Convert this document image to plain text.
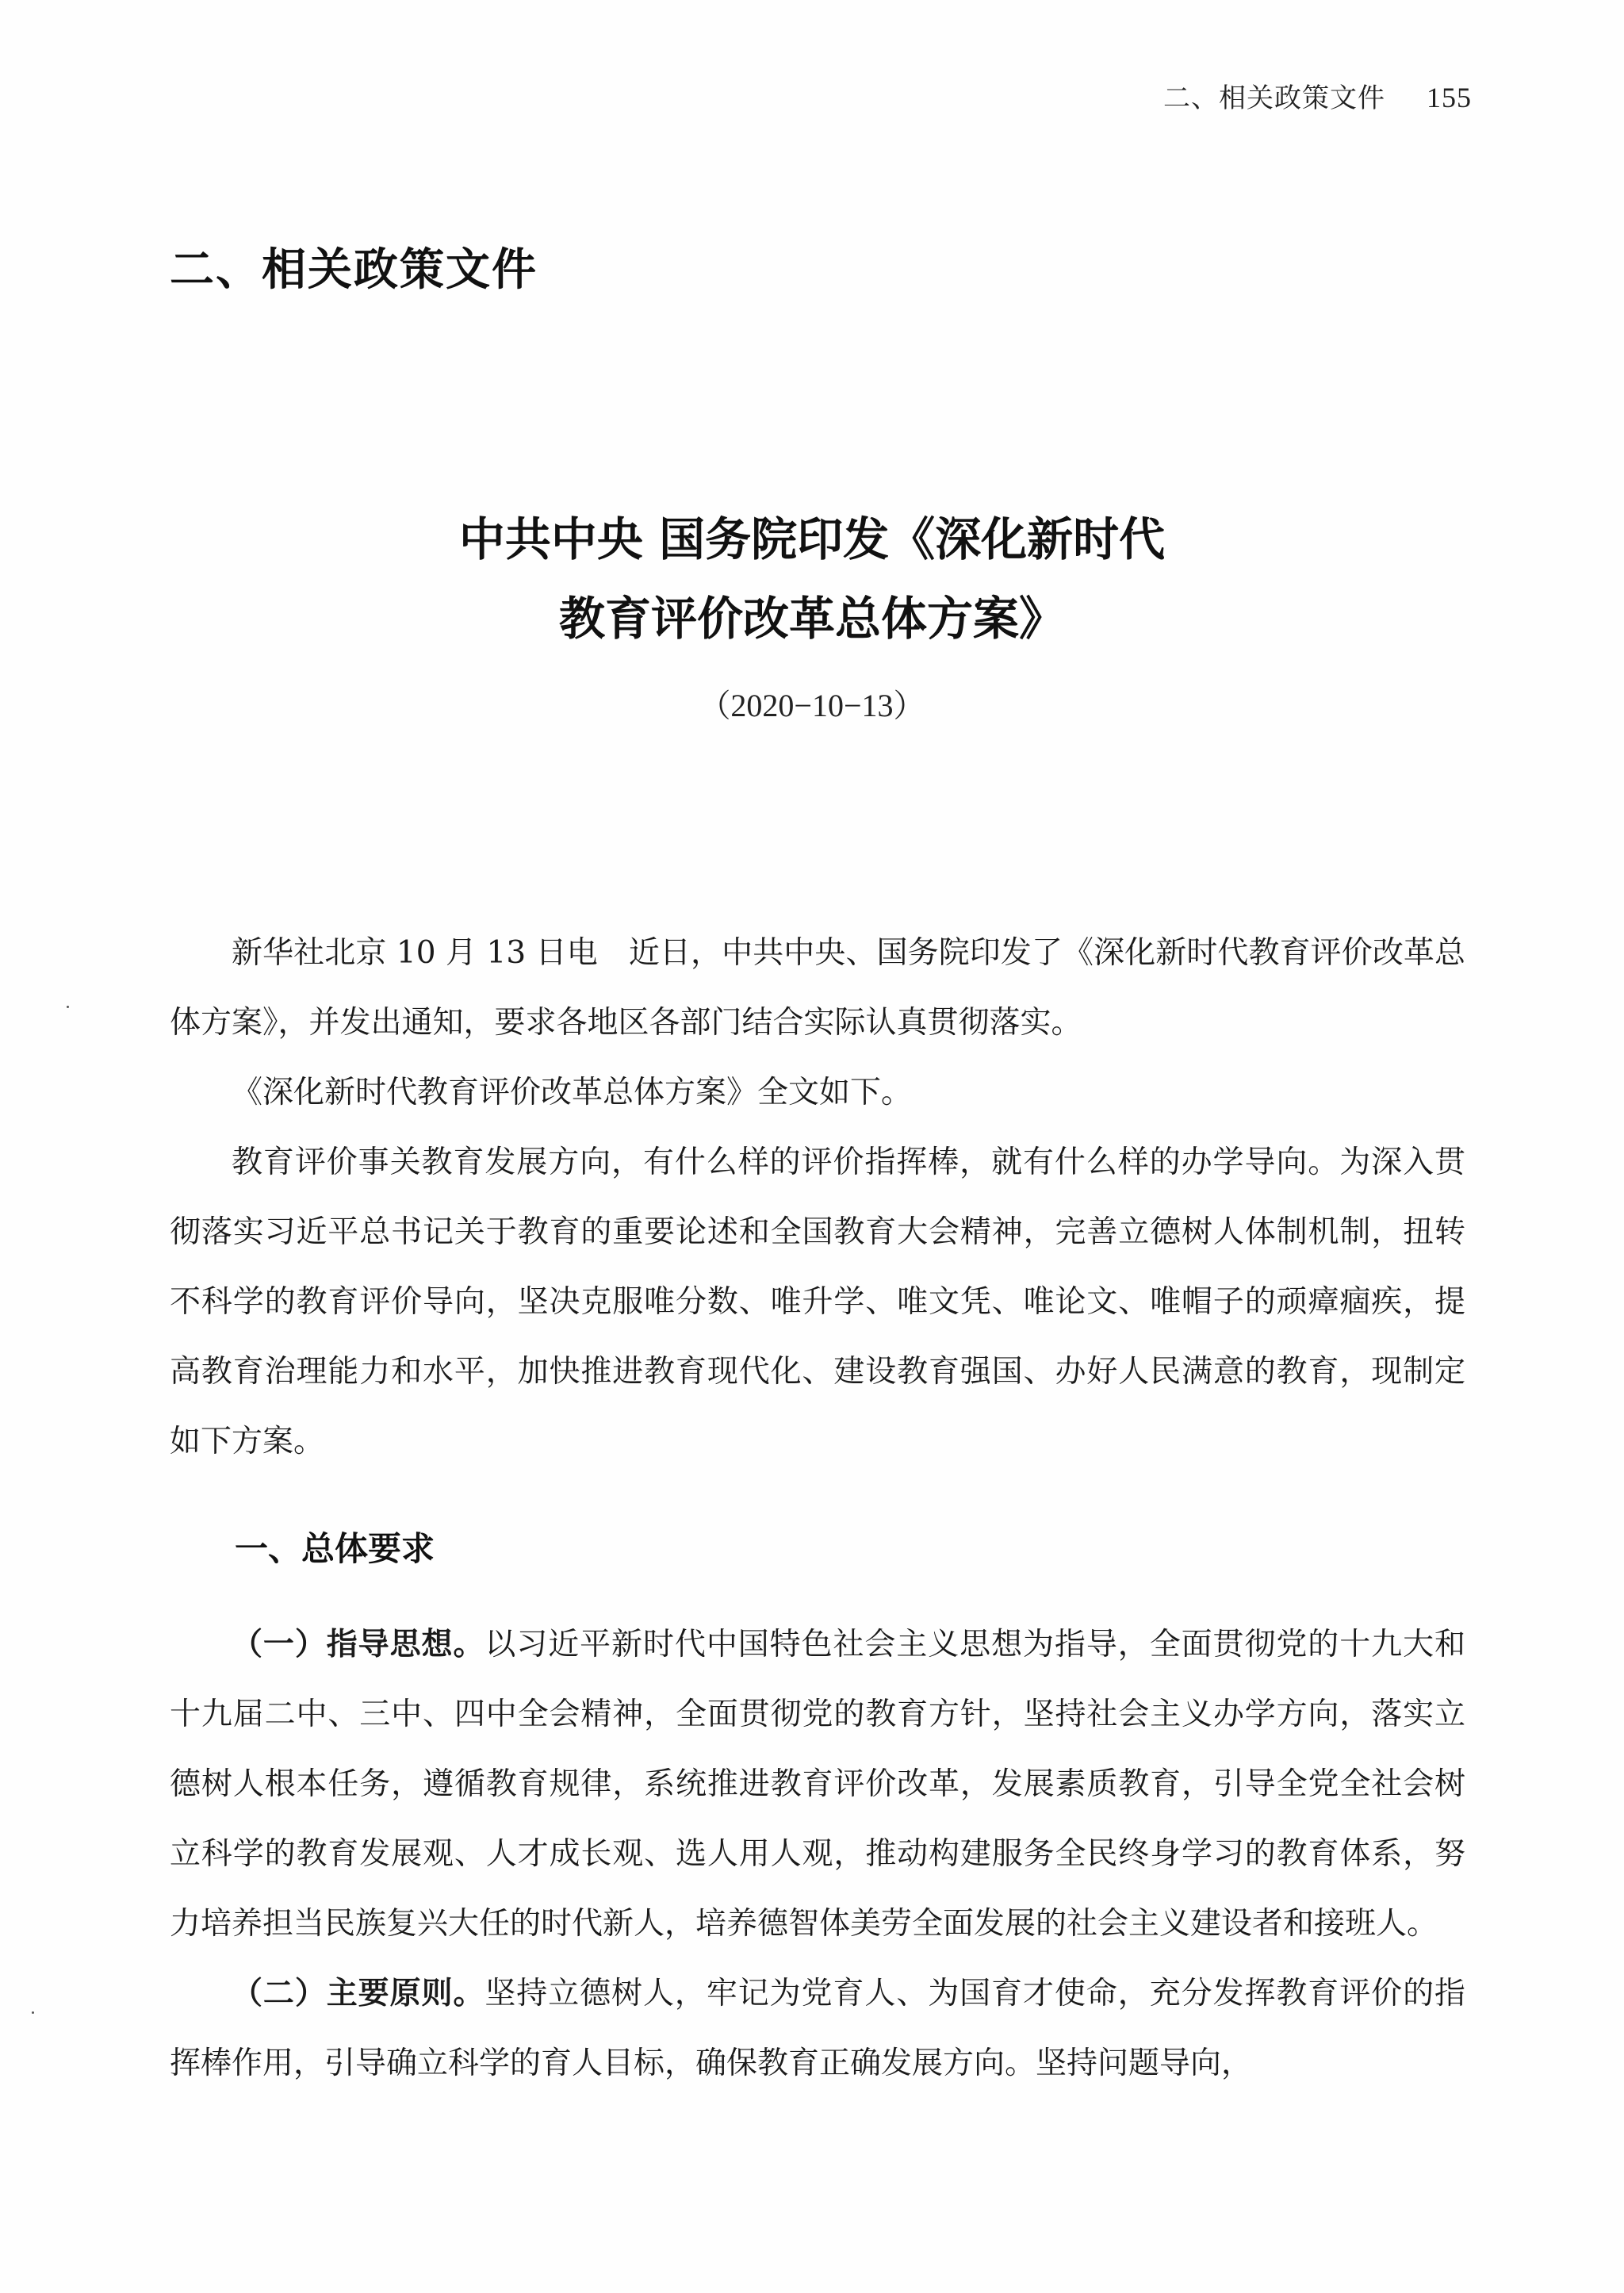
二、相关政策文件 155
二、相关政策文件
中共中央 国务院印发《深化新时代
教育评价改革总体方案》
（2020−10−13）

新华社北京 10 月 13 日电　近日，中共中央、国务院印发了《深化新时代教育评价改革总体方案》，并发出通知，要求各地区各部门结合实际认真贯彻落实。

《深化新时代教育评价改革总体方案》全文如下。

教育评价事关教育发展方向，有什么样的评价指挥棒，就有什么样的办学导向。为深入贯彻落实习近平总书记关于教育的重要论述和全国教育大会精神，完善立德树人体制机制，扭转不科学的教育评价导向，坚决克服唯分数、唯升学、唯文凭、唯论文、唯帽子的顽瘴痼疾，提高教育治理能力和水平，加快推进教育现代化、建设教育强国、办好人民满意的教育，现制定如下方案。

一、总体要求

（一）指导思想。以习近平新时代中国特色社会主义思想为指导，全面贯彻党的十九大和十九届二中、三中、四中全会精神，全面贯彻党的教育方针，坚持社会主义办学方向，落实立德树人根本任务，遵循教育规律，系统推进教育评价改革，发展素质教育，引导全党全社会树立科学的教育发展观、人才成长观、选人用人观，推动构建服务全民终身学习的教育体系，努力培养担当民族复兴大任的时代新人，培养德智体美劳全面发展的社会主义建设者和接班人。

（二）主要原则。坚持立德树人，牢记为党育人、为国育才使命，充分发挥教育评价的指挥棒作用，引导确立科学的育人目标，确保教育正确发展方向。坚持问题导向，
